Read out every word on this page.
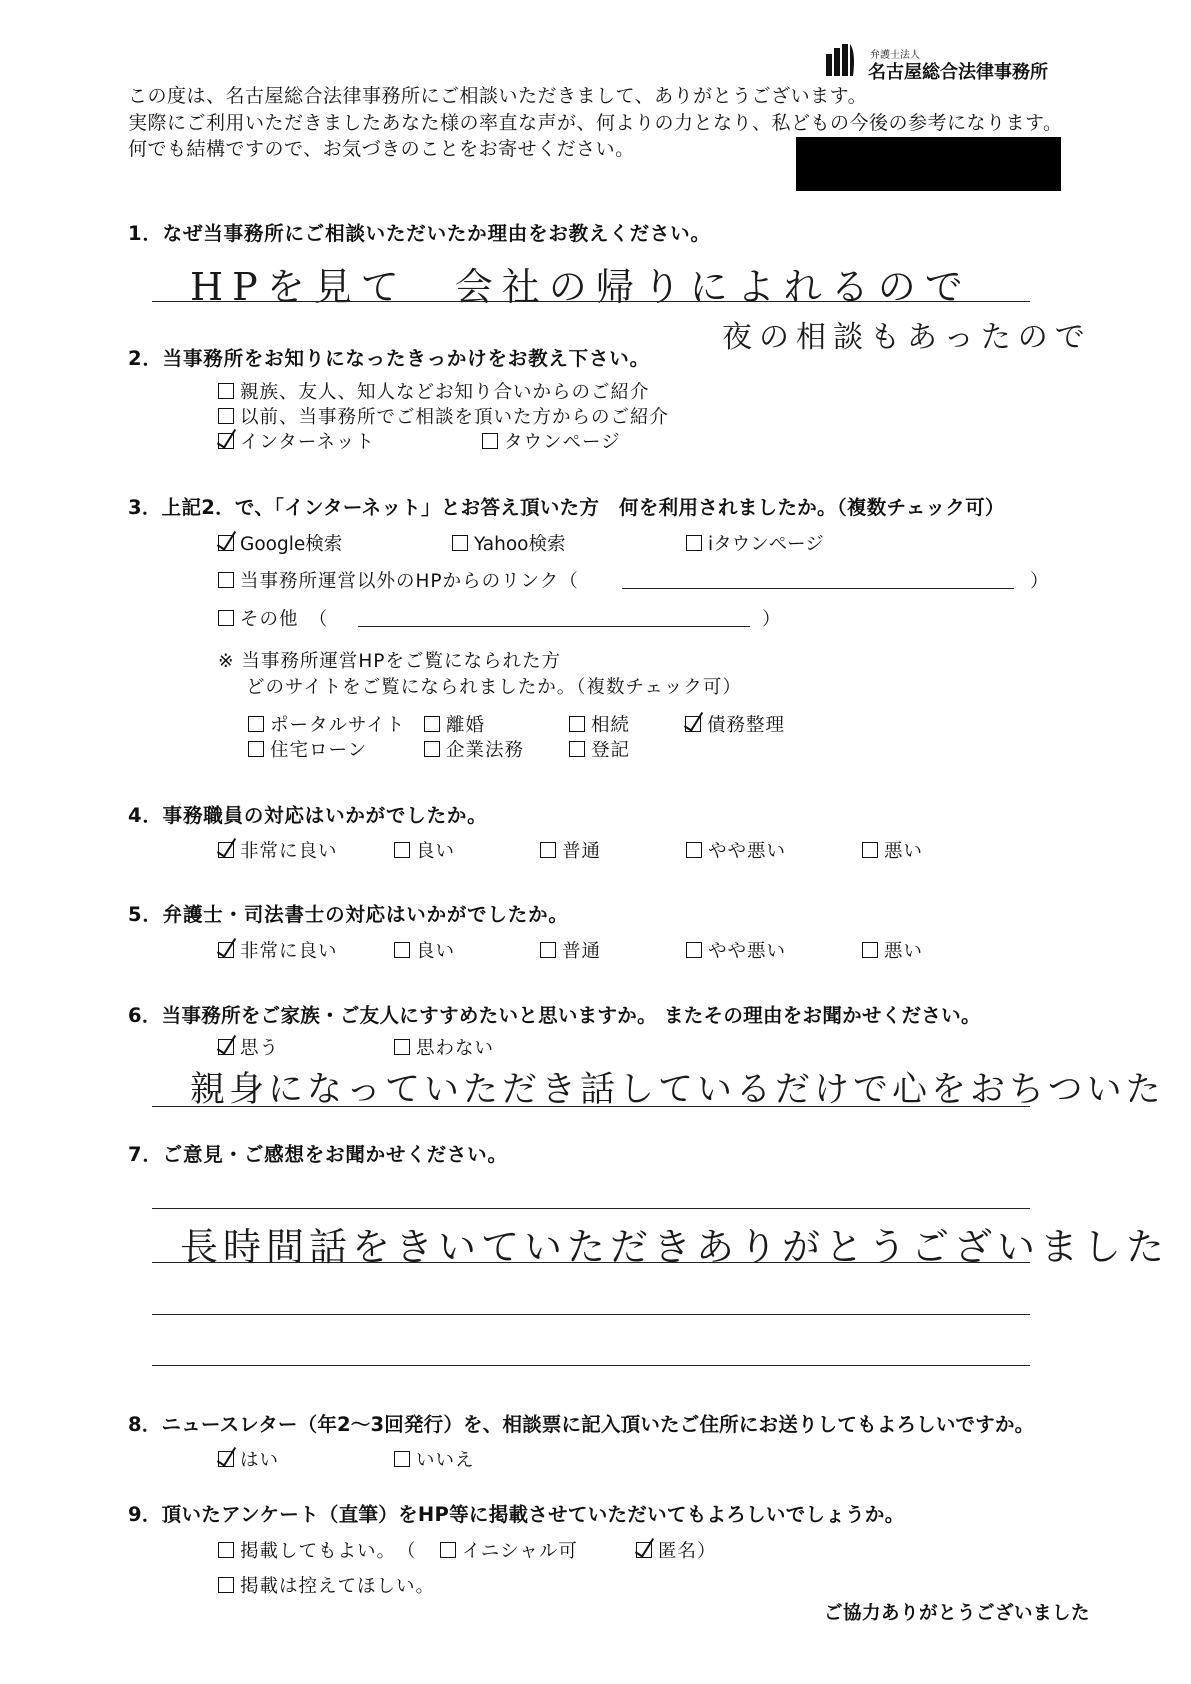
弁護士法人
名古屋総合法律事務所
この度は、名古屋総合法律事務所にご相談いただきまして、ありがとうございます。
実際にご利用いただきましたあなた様の率直な声が、何よりの力となり、私どもの今後の参考になります。
何でも結構ですので、お気づきのことをお寄せください。
1．なぜ当事務所にご相談いただいたか理由をお教えください。
HPを見て　会社の帰りによれるので
夜の相談もあったので
2．当事務所をお知りになったきっかけをお教え下さい。
親族、友人、知人などお知り合いからのご紹介
以前、当事務所でご相談を頂いた方からのご紹介
インターネット	タウンページ
3．上記2．で、「インターネット」とお答え頂いた方　何を利用されましたか。（複数チェック可）
Google検索	Yahoo検索	iタウンページ
当事務所運営以外のHPからのリンク（	）
その他　（	）
※ 当事務所運営HPをご覧になられた方
どのサイトをご覧になられましたか。（複数チェック可）
ポータルサイト	離婚	相続	債務整理
住宅ローン	企業法務	登記
4．事務職員の対応はいかがでしたか。
非常に良い	良い	普通	やや悪い	悪い
5．弁護士・司法書士の対応はいかがでしたか。
非常に良い	良い	普通	やや悪い	悪い
6．当事務所をご家族・ご友人にすすめたいと思いますか。 またその理由をお聞かせください。
思う	思わない
親身になっていただき話しているだけで心をおちついた
7．ご意見・ご感想をお聞かせください。
長時間話をきいていただきありがとうございました
8．ニュースレター（年2〜3回発行）を、相談票に記入頂いたご住所にお送りしてもよろしいですか。
はい	いいえ
9．頂いたアンケート（直筆）をHP等に掲載させていただいてもよろしいでしょうか。
掲載してもよい。　（	イニシャル可	匿名）
掲載は控えてほしい。
ご協力ありがとうございました
